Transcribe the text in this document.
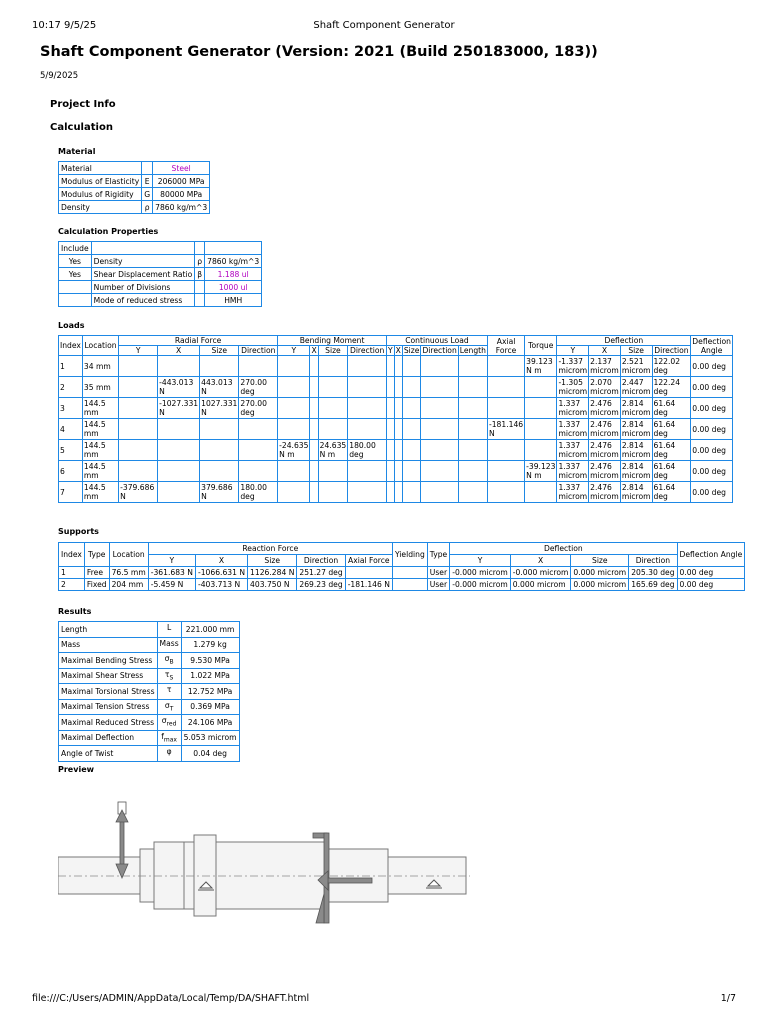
10:17 9/5/25	Shaft Component Generator
Shaft Component Generator (Version: 2021 (Build 250183000, 183))
5/9/2025
Project Info
Calculation
Material
Material		Steel
Modulus of Elasticity	E	206000 MPa
Modulus of Rigidity	G	80000 MPa
Density	ρ	7860 kg/m^3
Calculation Properties
Include			
Yes	Density	ρ	7860 kg/m^3
Yes	Shear Displacement Ratio	β	1.188 ul
	Number of Divisions		1000 ul
	Mode of reduced stress		HMH
Loads
Index	Location	Radial Force				Bending Moment				Continuous Load					Axial Force	Torque	Deflection				Deflection Angle
		Y	X	Size	Direction	Y	X	Size	Direction	Y	X	Size	Direction	Length			Y	X	Size	Direction	
1	34 mm															39.123 N m	-1.337 microm	2.137 microm	2.521 microm	122.02 deg	0.00 deg
2	35 mm		-443.013 N	443.013 N	270.00 deg												-1.305 microm	2.070 microm	2.447 microm	122.24 deg	0.00 deg
3	144.5 mm		-1027.331 N	1027.331 N	270.00 deg												1.337 microm	2.476 microm	2.814 microm	61.64 deg	0.00 deg
4	144.5 mm														-181.146 N		1.337 microm	2.476 microm	2.814 microm	61.64 deg	0.00 deg
5	144.5 mm					-24.635 N m		24.635 N m	180.00 deg								1.337 microm	2.476 microm	2.814 microm	61.64 deg	0.00 deg
6	144.5 mm															-39.123 N m	1.337 microm	2.476 microm	2.814 microm	61.64 deg	0.00 deg
7	144.5 mm	-379.686 N		379.686 N	180.00 deg												1.337 microm	2.476 microm	2.814 microm	61.64 deg	0.00 deg
Supports
Index	Type	Location	Reaction Force					Yielding	Type	Deflection				Deflection Angle
			Y	X	Size	Direction	Axial Force			Y	X	Size	Direction	
1	Free	76.5 mm	-361.683 N	-1066.631 N	1126.284 N	251.27 deg			User	-0.000 microm	-0.000 microm	0.000 microm	205.30 deg	0.00 deg
2	Fixed	204 mm	-5.459 N	-403.713 N	403.750 N	269.23 deg	-181.146 N		User	-0.000 microm	0.000 microm	0.000 microm	165.69 deg	0.00 deg
Results
Length	L	221.000 mm
Mass	Mass	1.279 kg
Maximal Bending Stress	$\sigma_B$	9.530 MPa
Maximal Shear Stress	$\tau_S$	1.022 MPa
Maximal Torsional Stress	τ	12.752 MPa
Maximal Tension Stress	$\sigma_T$	0.369 MPa
Maximal Reduced Stress	$\sigma_{red}$	24.106 MPa
Maximal Deflection	$f_{max}$	5.053 microm
Angle of Twist	φ	0.04 deg
Preview
file:///C:/Users/ADMIN/AppData/Local/Temp/DA/SHAFT.html	1/7
